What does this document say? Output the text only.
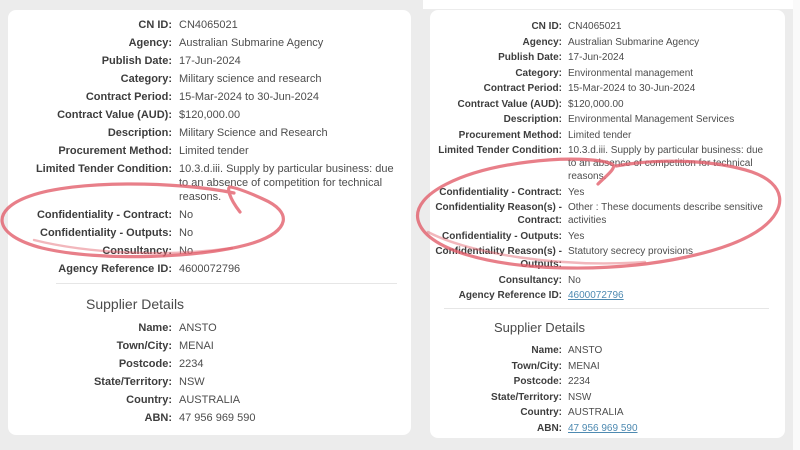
CN ID: CN4065021
Agency: Australian Submarine Agency
Publish Date: 17-Jun-2024
Category: Military science and research
Contract Period: 15-Mar-2024 to 30-Jun-2024
Contract Value (AUD): $120,000.00
Description: Military Science and Research
Procurement Method: Limited tender
Limited Tender Condition: 10.3.d.iii. Supply by particular business: due to an absence of competition for technical reasons.
Confidentiality - Contract: No
Confidentiality - Outputs: No
Consultancy: No
Agency Reference ID: 4600072796
Supplier Details
Name: ANSTO
Town/City: MENAI
Postcode: 2234
State/Territory: NSW
Country: AUSTRALIA
ABN: 47 956 969 590
CN ID: CN4065021
Agency: Australian Submarine Agency
Publish Date: 17-Jun-2024
Category: Environmental management
Contract Period: 15-Mar-2024 to 30-Jun-2024
Contract Value (AUD): $120,000.00
Description: Environmental Management Services
Procurement Method: Limited tender
Limited Tender Condition: 10.3.d.iii. Supply by particular business: due to an absence of competition for technical reasons.
Confidentiality - Contract: Yes
Confidentiality Reason(s) - Contract:
Other : These documents describe sensitive activities
Confidentiality - Outputs: Yes
Confidentiality Reason(s) - Outputs:
Statutory secrecy provisions
Consultancy: No
Agency Reference ID: 4600072796
Supplier Details
Name: ANSTO
Town/City: MENAI
Postcode: 2234
State/Territory: NSW
Country: AUSTRALIA
ABN: 47 956 969 590
